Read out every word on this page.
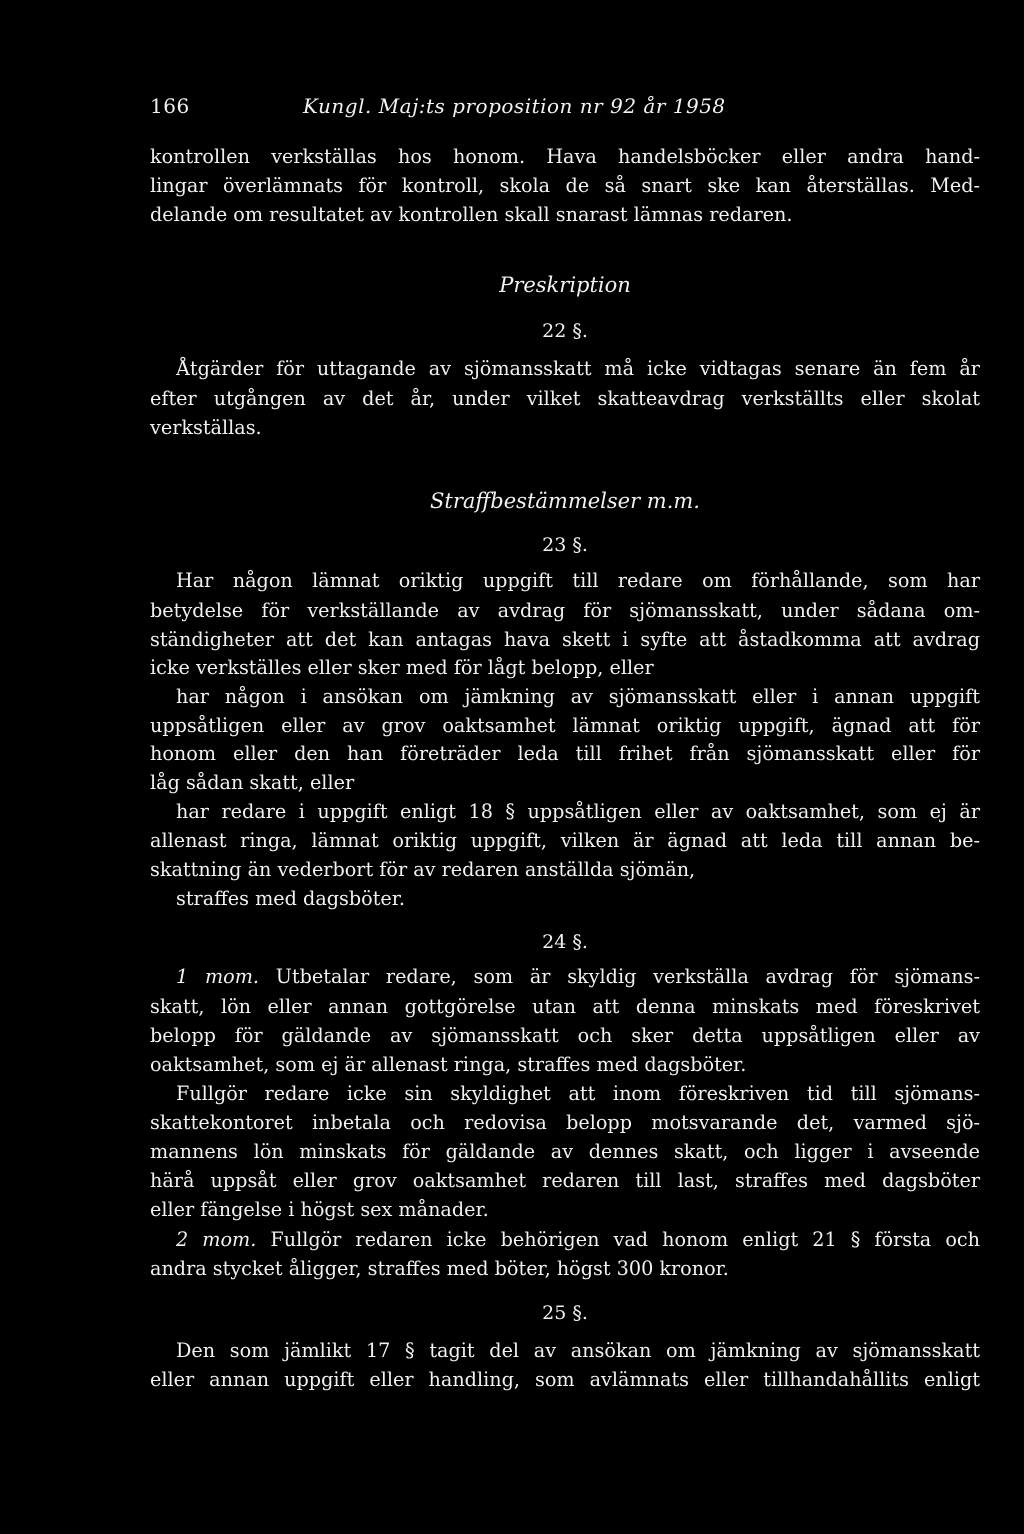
166	Kungl. Maj:ts proposition nr 92 år 1958
kontrollen verkställas hos honom. Hava handelsböcker eller andra hand-
lingar överlämnats för kontroll, skola de så snart ske kan återställas. Med-
delande om resultatet av kontrollen skall snarast lämnas redaren.
Preskription
22 §.
Åtgärder för uttagande av sjömansskatt må icke vidtagas senare än fem år
efter utgången av det år, under vilket skatteavdrag verkställts eller skolat
verkställas.
Straffbestämmelser m.m.
23 §.
Har någon lämnat oriktig uppgift till redare om förhållande, som har
betydelse för verkställande av avdrag för sjömansskatt, under sådana om-
ständigheter att det kan antagas hava skett i syfte att åstadkomma att avdrag
icke verkställes eller sker med för lågt belopp, eller
har någon i ansökan om jämkning av sjömansskatt eller i annan uppgift
uppsåtligen eller av grov oaktsamhet lämnat oriktig uppgift, ägnad att för
honom eller den han företräder leda till frihet från sjömansskatt eller för
låg sådan skatt, eller
har redare i uppgift enligt 18 § uppsåtligen eller av oaktsamhet, som ej är
allenast ringa, lämnat oriktig uppgift, vilken är ägnad att leda till annan be-
skattning än vederbort för av redaren anställda sjömän,
straffes med dagsböter.
24 §.
1 mom. Utbetalar redare, som är skyldig verkställa avdrag för sjömans-
skatt, lön eller annan gottgörelse utan att denna minskats med föreskrivet
belopp för gäldande av sjömansskatt och sker detta uppsåtligen eller av
oaktsamhet, som ej är allenast ringa, straffes med dagsböter.
Fullgör redare icke sin skyldighet att inom föreskriven tid till sjömans-
skattekontoret inbetala och redovisa belopp motsvarande det, varmed sjö-
mannens lön minskats för gäldande av dennes skatt, och ligger i avseende
härå uppsåt eller grov oaktsamhet redaren till last, straffes med dagsböter
eller fängelse i högst sex månader.
2 mom. Fullgör redaren icke behörigen vad honom enligt 21 § första och
andra stycket åligger, straffes med böter, högst 300 kronor.
25 §.
Den som jämlikt 17 § tagit del av ansökan om jämkning av sjömansskatt
eller annan uppgift eller handling, som avlämnats eller tillhandahållits enligt
